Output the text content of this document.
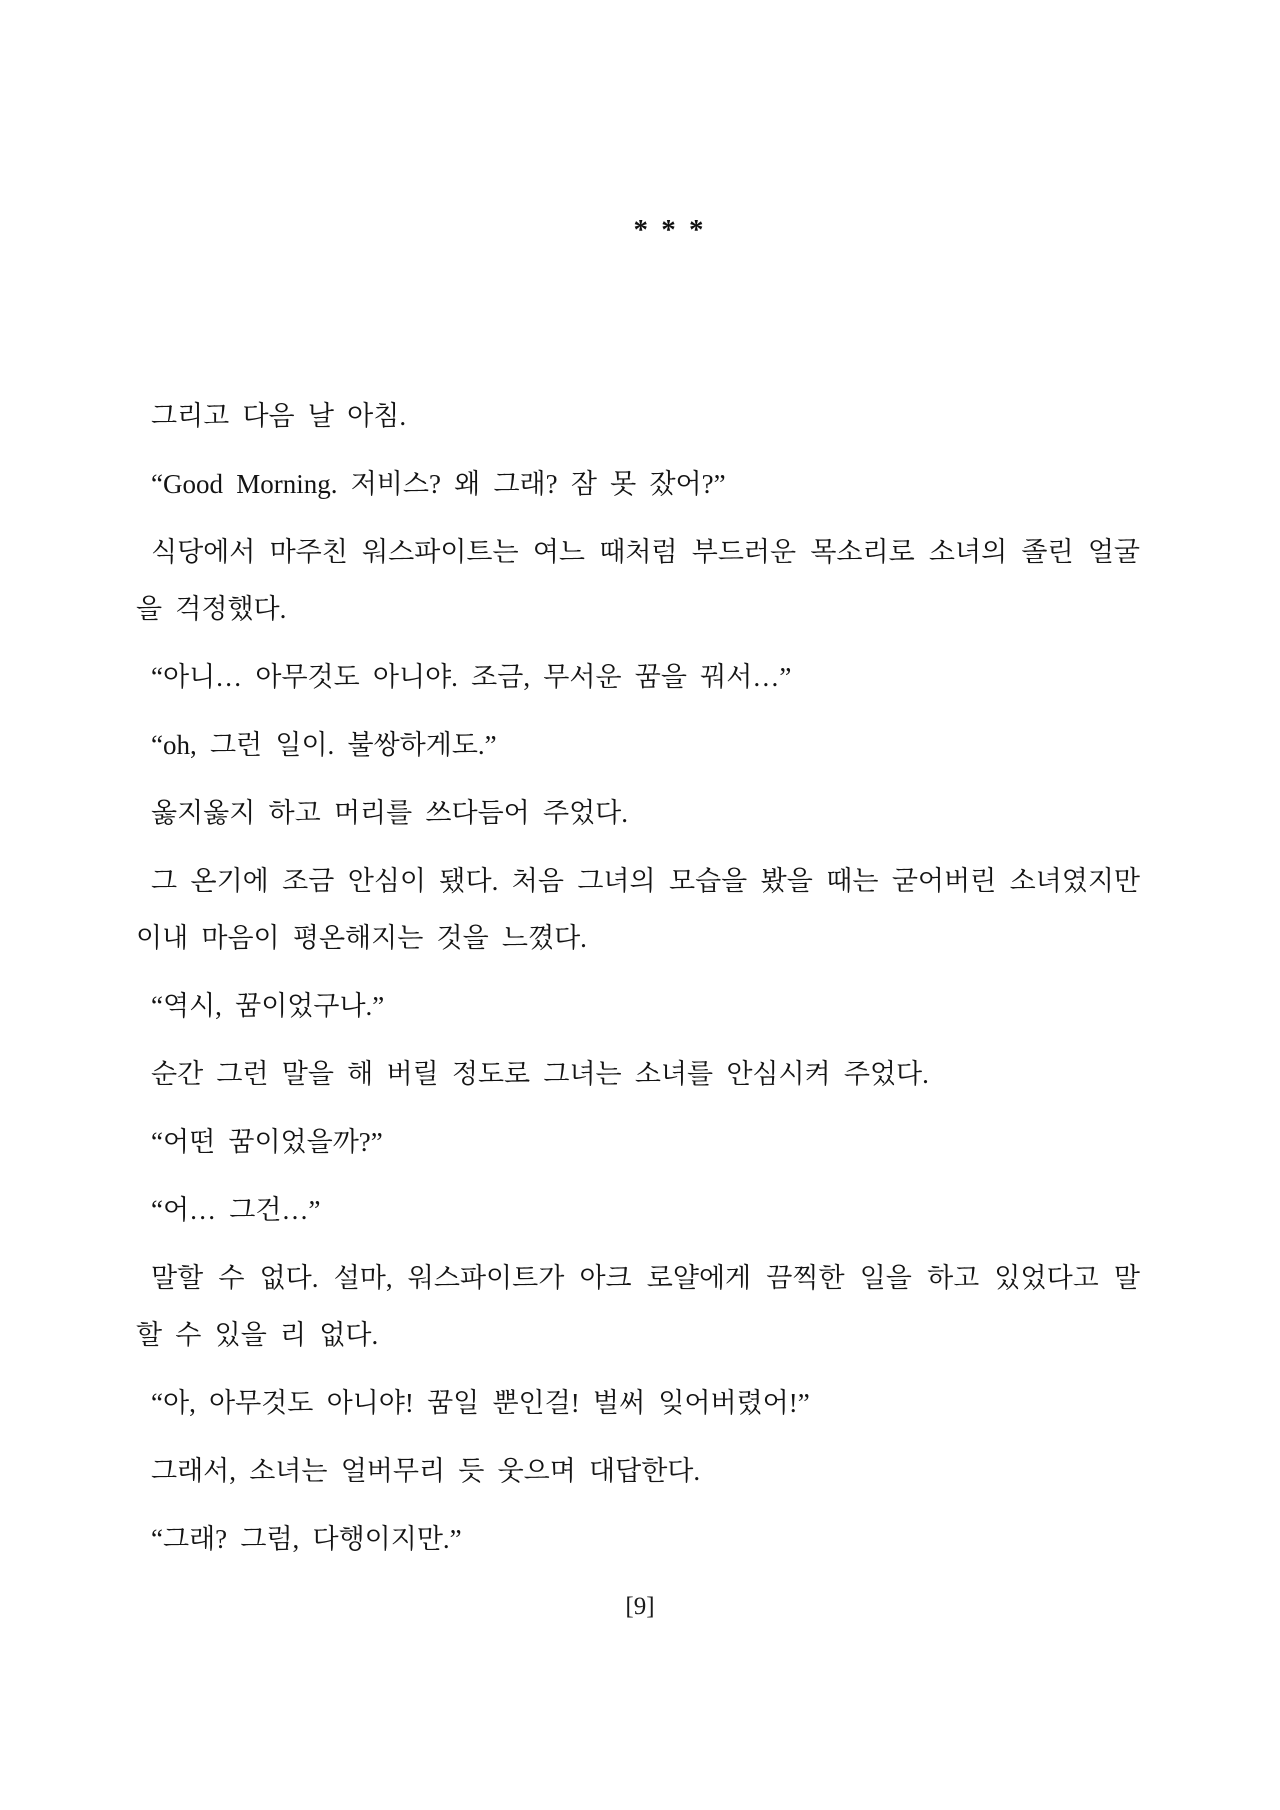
* * *

그리고 다음 날 아침.

“Good Morning. 저비스? 왜 그래? 잠 못 잤어?”

식당에서 마주친 워스파이트는 여느 때처럼 부드러운 목소리로 소녀의 졸린 얼굴을 걱정했다.

“아니… 아무것도 아니야. 조금, 무서운 꿈을 꿔서…”

“oh, 그런 일이. 불쌍하게도.”

옳지옳지 하고 머리를 쓰다듬어 주었다.

그 온기에 조금 안심이 됐다. 처음 그녀의 모습을 봤을 때는 굳어버린 소녀였지만 이내 마음이 평온해지는 것을 느꼈다.

“역시, 꿈이었구나.”

순간 그런 말을 해 버릴 정도로 그녀는 소녀를 안심시켜 주었다.

“어떤 꿈이었을까?”

“어… 그건…”

말할 수 없다. 설마, 워스파이트가 아크 로얄에게 끔찍한 일을 하고 있었다고 말할 수 있을 리 없다.

“아, 아무것도 아니야! 꿈일 뿐인걸! 벌써 잊어버렸어!”

그래서, 소녀는 얼버무리 듯 웃으며 대답한다.

“그래? 그럼, 다행이지만.”

[9]
